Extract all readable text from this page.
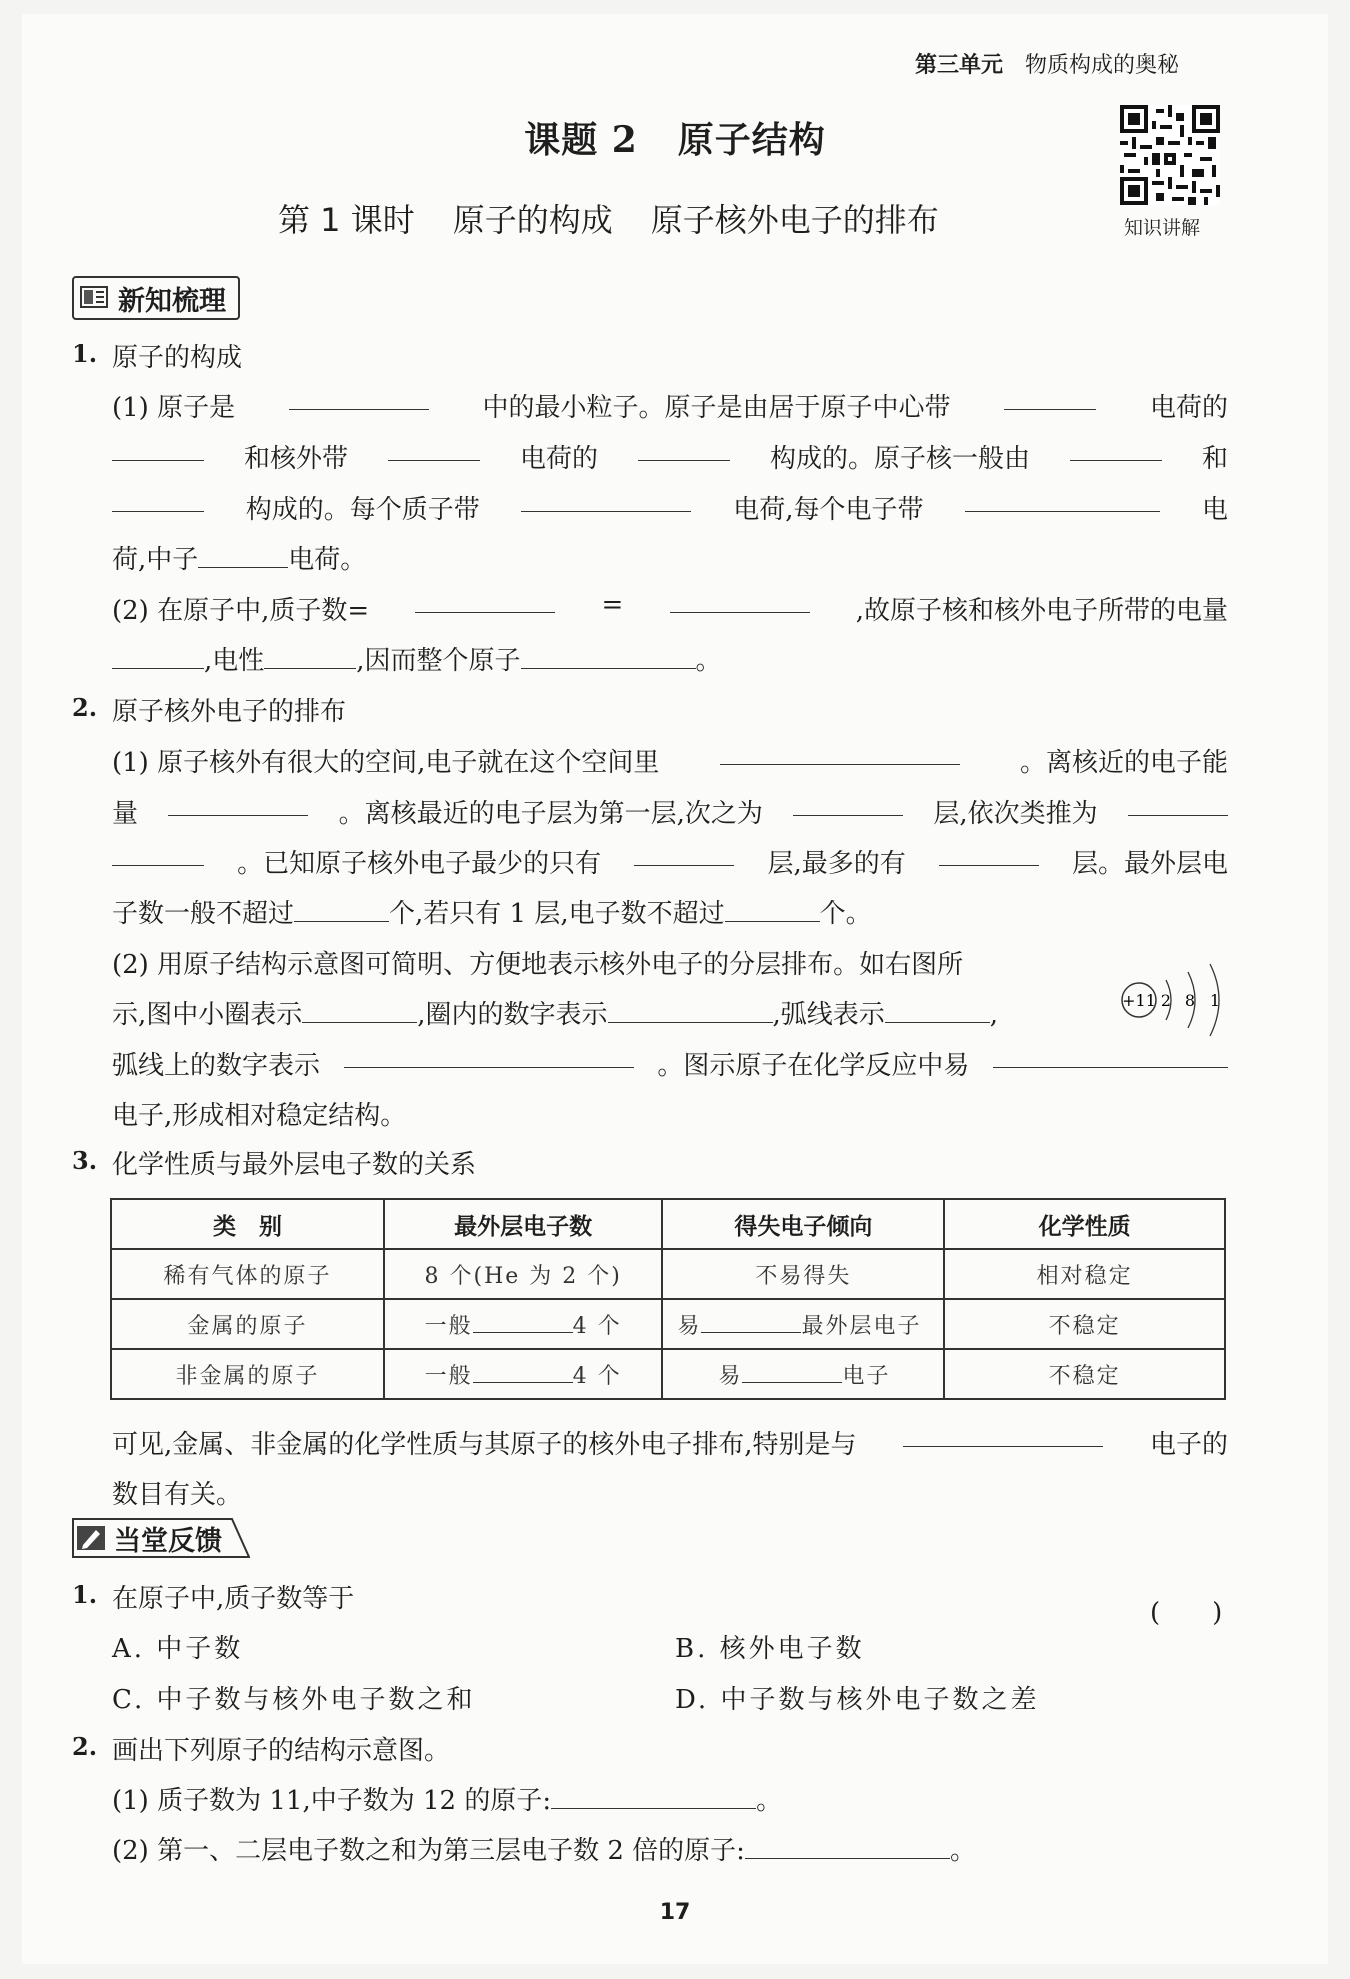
第三单元 物质构成的奥秘
课题 2 原子结构
第 1 课时 原子的构成 原子核外电子的排布	知识讲解
新知梳理
1. 原子的构成
(1) 原子是	中的最小粒子。原子是由居于原子中心带	电荷的
和核外带	电荷的	构成的。原子核一般由	和
构成的。每个质子带	电荷,每个电子带	电
荷,中子	电荷。
(2) 在原子中,质子数=	=	,故原子核和核外电子所带的电量
,电性	,因而整个原子	。
2. 原子核外电子的排布
(1) 原子核外有很大的空间,电子就在这个空间里	。离核近的电子能
量	。离核最近的电子层为第一层,次之为	层,依次类推为
。已知原子核外电子最少的只有	层,最多的有	层。最外层电
子数一般不超过	个,若只有 1 层,电子数不超过	个。
(2) 用原子结构示意图可简明、方便地表示核外电子的分层排布。如右图所
示,图中小圈表示	,圈内的数字表示	,弧线表示	,
弧线上的数字表示	。图示原子在化学反应中易
电子,形成相对稳定结构。
+11 2 8 1
3. 化学性质与最外层电子数的关系
类　别	最外层电子数	得失电子倾向	化学性质
稀有气体的原子	8 个(He 为 2 个)	不易得失	相对稳定
金属的原子	一般 4 个	易 最外层电子	不稳定
非金属的原子	一般 4 个	易 电子	不稳定
可见,金属、非金属的化学性质与其原子的核外电子排布,特别是与	电子的
数目有关。
当堂反馈
1. 在原子中,质子数等于	(　　)
A. 中子数	B. 核外电子数
C. 中子数与核外电子数之和	D. 中子数与核外电子数之差
2. 画出下列原子的结构示意图。
(1) 质子数为 11,中子数为 12 的原子:	。
(2) 第一、二层电子数之和为第三层电子数 2 倍的原子:	。
17
